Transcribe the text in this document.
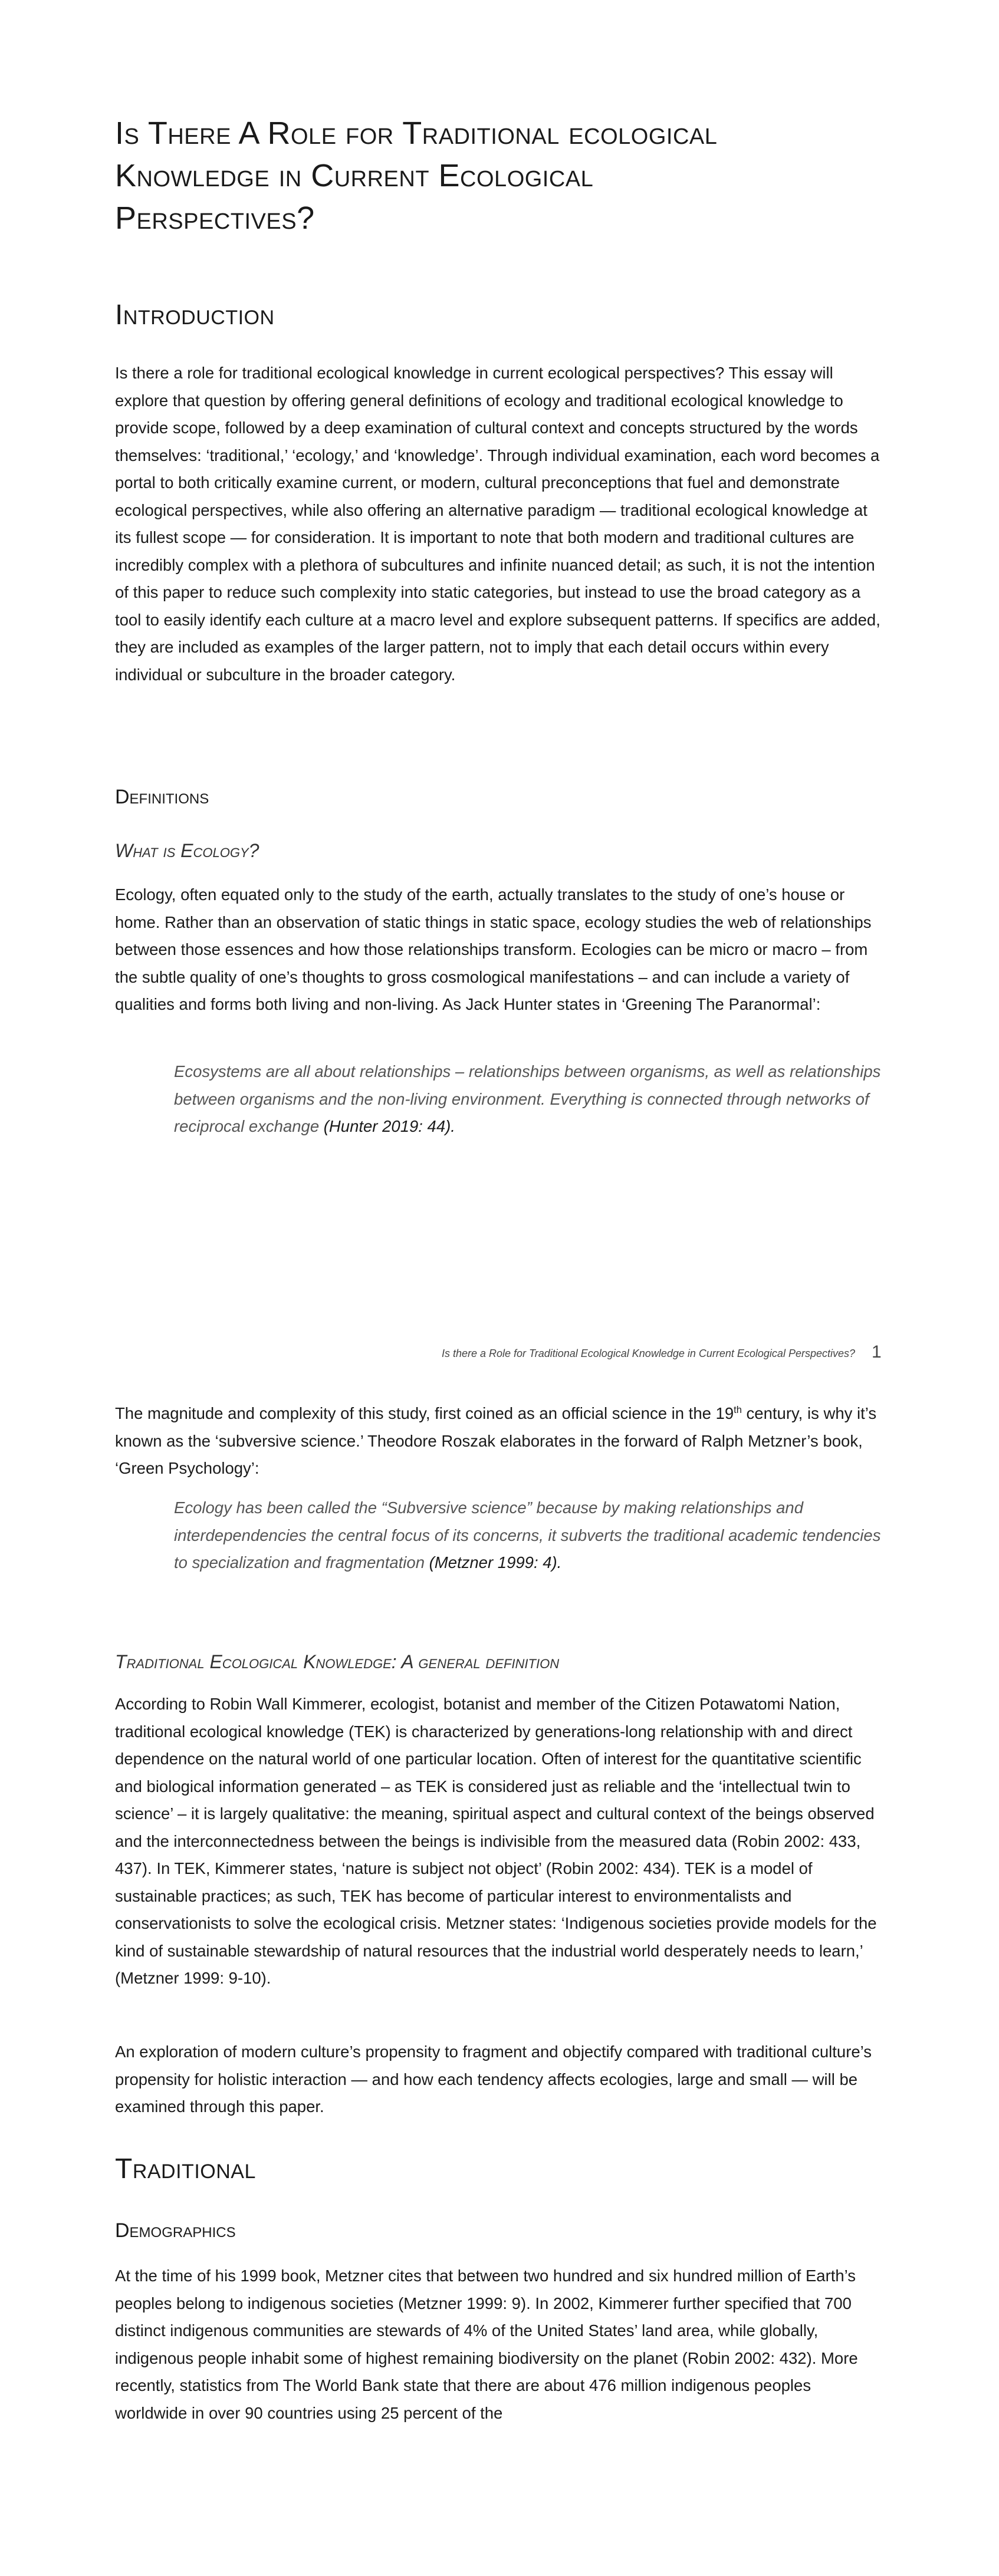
Is There A Role for Traditional ecological
Knowledge in Current Ecological
Perspectives?
Introduction

Is there a role for traditional ecological knowledge in current ecological perspectives? This essay will explore that question by offering general definitions of ecology and traditional ecological knowledge to provide scope, followed by a deep examination of cultural context and concepts structured by the words themselves: ‘traditional,’ ‘ecology,’ and ‘knowledge’. Through individual examination, each word becomes a portal to both critically examine current, or modern, cultural preconceptions that fuel and demonstrate ecological perspectives, while also offering an alternative paradigm — traditional ecological knowledge at its fullest scope — for consideration. It is important to note that both modern and traditional cultures are incredibly complex with a plethora of subcultures and infinite nuanced detail; as such, it is not the intention of this paper to reduce such complexity into static categories, but instead to use the broad category as a tool to easily identify each culture at a macro level and explore subsequent patterns. If specifics are added, they are included as examples of the larger pattern, not to imply that each detail occurs within every individual or subculture in the broader category.

Definitions
What is Ecology?

Ecology, often equated only to the study of the earth, actually translates to the study of one’s house or home. Rather than an observation of static things in static space, ecology studies the web of relationships between those essences and how those relationships transform. Ecologies can be micro or macro – from the subtle quality of one’s thoughts to gross cosmological manifestations – and can include a variety of qualities and forms both living and non-living. As Jack Hunter states in ‘Greening The Paranormal’:

Ecosystems are all about relationships – relationships between organisms, as well as relationships between organisms and the non-living environment. Everything is connected through networks of reciprocal exchange (Hunter 2019: 44).
Is there a Role for Traditional Ecological Knowledge in Current Ecological Perspectives? 1

The magnitude and complexity of this study, first coined as an official science in the 19th century, is why it’s known as the ‘subversive science.’ Theodore Roszak elaborates in the forward of Ralph Metzner’s book, ‘Green Psychology’:

Ecology has been called the “Subversive science” because by making relationships and interdependencies the central focus of its concerns, it subverts the traditional academic tendencies to specialization and fragmentation (Metzner 1999: 4).
Traditional Ecological Knowledge: A general definition

According to Robin Wall Kimmerer, ecologist, botanist and member of the Citizen Potawatomi Nation, traditional ecological knowledge (TEK) is characterized by generations-long relationship with and direct dependence on the natural world of one particular location. Often of interest for the quantitative scientific and biological information generated – as TEK is considered just as reliable and the ‘intellectual twin to science’ – it is largely qualitative: the meaning, spiritual aspect and cultural context of the beings observed and the interconnectedness between the beings is indivisible from the measured data (Robin 2002: 433, 437). In TEK, Kimmerer states, ‘nature is subject not object’ (Robin 2002: 434). TEK is a model of sustainable practices; as such, TEK has become of particular interest to environmentalists and conservationists to solve the ecological crisis. Metzner states: ‘Indigenous societies provide models for the kind of sustainable stewardship of natural resources that the industrial world desperately needs to learn,’ (Metzner 1999: 9-10).

An exploration of modern culture’s propensity to fragment and objectify compared with traditional culture’s propensity for holistic interaction — and how each tendency affects ecologies, large and small — will be examined through this paper.

Traditional
Demographics

At the time of his 1999 book, Metzner cites that between two hundred and six hundred million of Earth’s peoples belong to indigenous societies (Metzner 1999: 9). In 2002, Kimmerer further specified that 700 distinct indigenous communities are stewards of 4% of the United States’ land area, while globally, indigenous people inhabit some of highest remaining biodiversity on the planet (Robin 2002: 432). More recently, statistics from The World Bank state that there are about 476 million indigenous peoples worldwide in over 90 countries using 25 percent of the
